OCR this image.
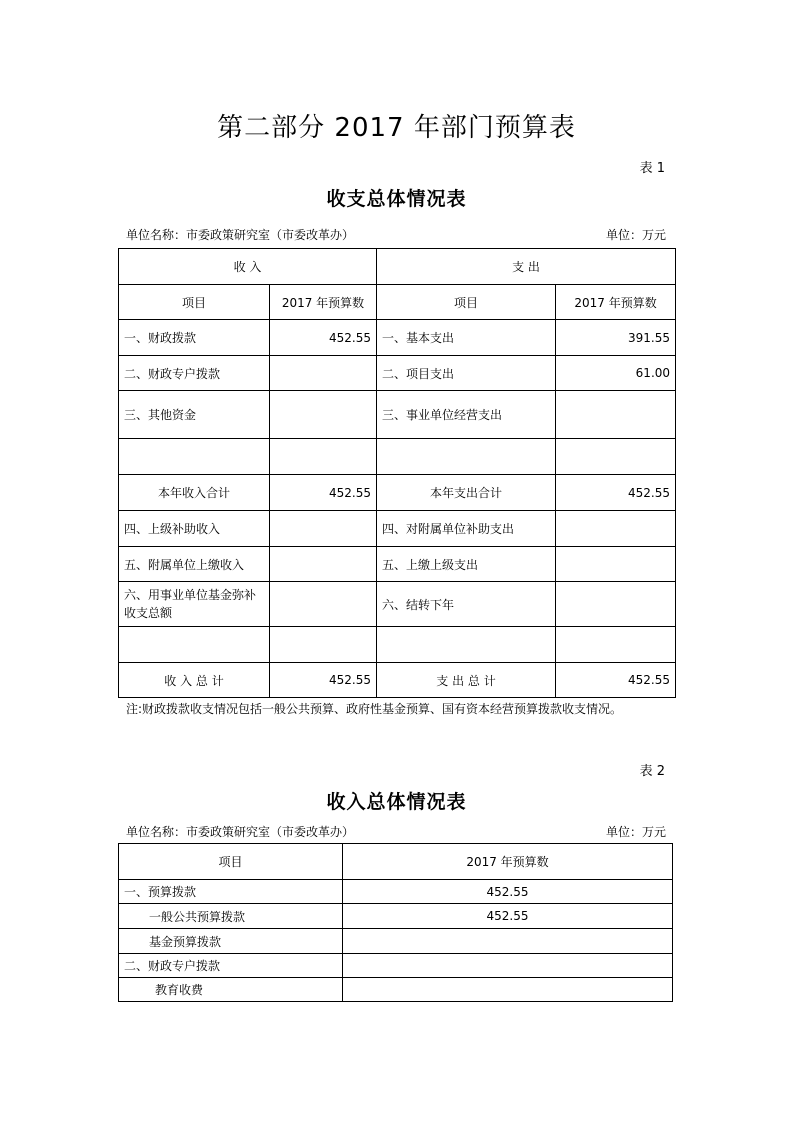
第二部分 2017 年部门预算表
表 1
收支总体情况表
单位名称：市委政策研究室（市委改革办）	单位：万元
收 入		支 出	
项目	2017 年预算数	项目	2017 年预算数
一、财政拨款	452.55	一、基本支出	391.55
二、财政专户拨款		二、项目支出	61.00
三、其他资金		三、事业单位经营支出	

本年收入合计	452.55	本年支出合计	452.55
四、上级补助收入		四、对附属单位补助支出	
五、附属单位上缴收入		五、上缴上级支出	
六、用事业单位基金弥补收支总额		六、结转下年	

收 入 总 计	452.55	支 出 总 计	452.55
注:财政拨款收支情况包括一般公共预算、政府性基金预算、国有资本经营预算拨款收支情况。
表 2
收入总体情况表
单位名称：市委政策研究室（市委改革办）	单位：万元
项目	2017 年预算数
一、预算拨款	452.55
一般公共预算拨款	452.55
基金预算拨款	
二、财政专户拨款	
教育收费	
